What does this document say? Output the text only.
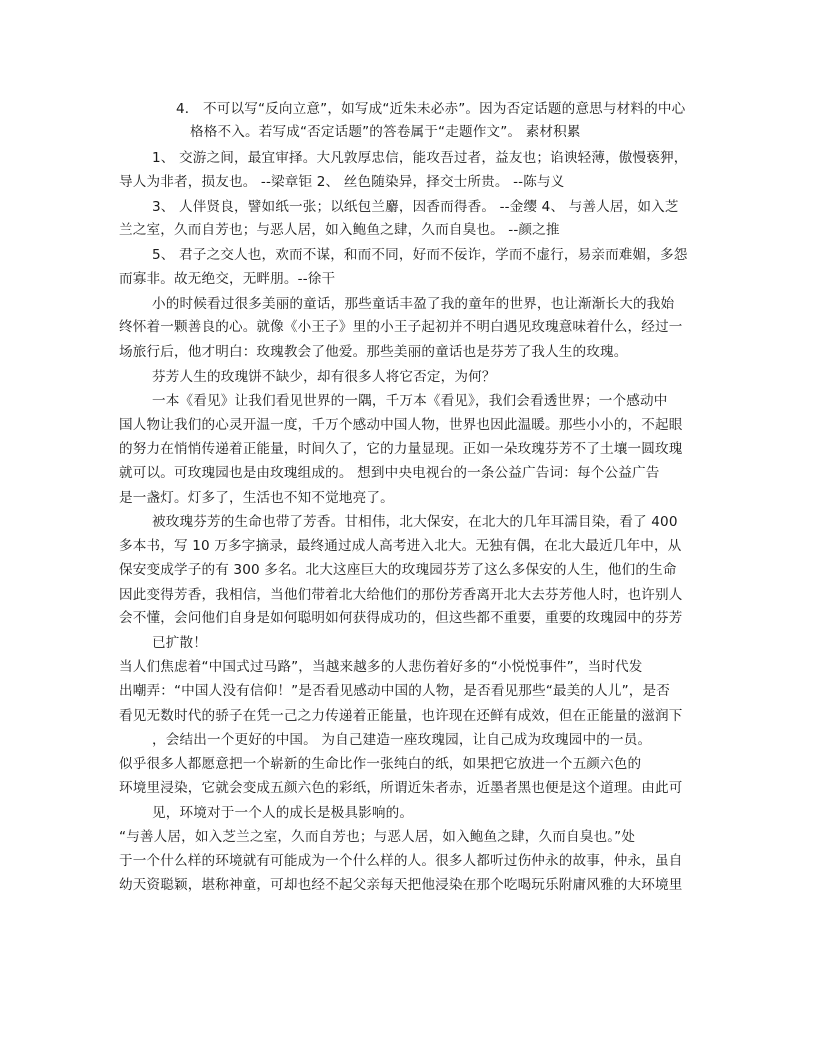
4． 不可以写“反向立意”，如写成“近朱未必赤”。因为否定话题的意思与材料的中心
格格不入。若写成“否定话题”的答卷属于“走题作文”。 素材积累
1、 交游之间，最宜审择。大凡敦厚忠信，能攻吾过者，益友也；谄谀轻薄，傲慢亵狎，
导人为非者，损友也。 --梁章钜 2、 丝色随染异，择交士所贵。 --陈与义
3、 人伴贤良，譬如纸一张；以纸包兰麝，因香而得香。 --金缨 4、 与善人居，如入芝
兰之室，久而自芳也；与恶人居，如入鲍鱼之肆，久而自臭也。 --颜之推
5、 君子之交人也，欢而不谋，和而不同，好而不佞诈，学而不虚行，易亲而难媚，多怨
而寡非。故无绝交，无畔朋。--徐干
小的时候看过很多美丽的童话，那些童话丰盈了我的童年的世界，也让渐渐长大的我始
终怀着一颗善良的心。就像《小王子》里的小王子起初并不明白遇见玫瑰意味着什么，经过一
场旅行后，他才明白：玫瑰教会了他爱。那些美丽的童话也是芬芳了我人生的玫瑰。
芬芳人生的玫瑰饼不缺少，却有很多人将它否定，为何？
一本《看见》让我们看见世界的一隅，千万本《看见》，我们会看透世界；一个感动中
国人物让我们的心灵开温一度，千万个感动中国人物，世界也因此温暖。那些小小的，不起眼
的努力在悄悄传递着正能量，时间久了，它的力量显现。正如一朵玫瑰芬芳不了土壤一圆玫瑰
就可以。可玫瑰园也是由玫瑰组成的。 想到中央电视台的一条公益广告词：每个公益广告
是一盏灯。灯多了，生活也不知不觉地亮了。
被玫瑰芬芳的生命也带了芳香。甘相伟，北大保安，在北大的几年耳濡目染，看了 400
多本书，写 10 万多字摘录，最终通过成人高考进入北大。无独有偶，在北大最近几年中，从
保安变成学子的有 300 多名。北大这座巨大的玫瑰园芬芳了这么多保安的人生，他们的生命
因此变得芳香，我相信，当他们带着北大给他们的那份芳香离开北大去芬芳他人时，也许别人
会不懂，会问他们自身是如何聪明如何获得成功的，但这些都不重要，重要的玫瑰园中的芬芳
已扩散！
当人们焦虑着“中国式过马路”，当越来越多的人悲伤着好多的“小悦悦事件”，当时代发
出嘲弄：“中国人没有信仰！”是否看见感动中国的人物，是否看见那些“最美的人儿”，是否
看见无数时代的骄子在凭一己之力传递着正能量，也许现在还鲜有成效，但在正能量的滋润下
，会结出一个更好的中国。 为自己建造一座玫瑰园，让自己成为玫瑰园中的一员。
似乎很多人都愿意把一个崭新的生命比作一张纯白的纸，如果把它放进一个五颜六色的
环境里浸染，它就会变成五颜六色的彩纸，所谓近朱者赤，近墨者黑也便是这个道理。由此可
见，环境对于一个人的成长是极具影响的。
“与善人居，如入芝兰之室，久而自芳也；与恶人居，如入鲍鱼之肆，久而自臭也。”处
于一个什么样的环境就有可能成为一个什么样的人。很多人都听过伤仲永的故事，仲永，虽自
幼天资聪颖，堪称神童，可却也经不起父亲每天把他浸染在那个吃喝玩乐附庸风雅的大环境里
